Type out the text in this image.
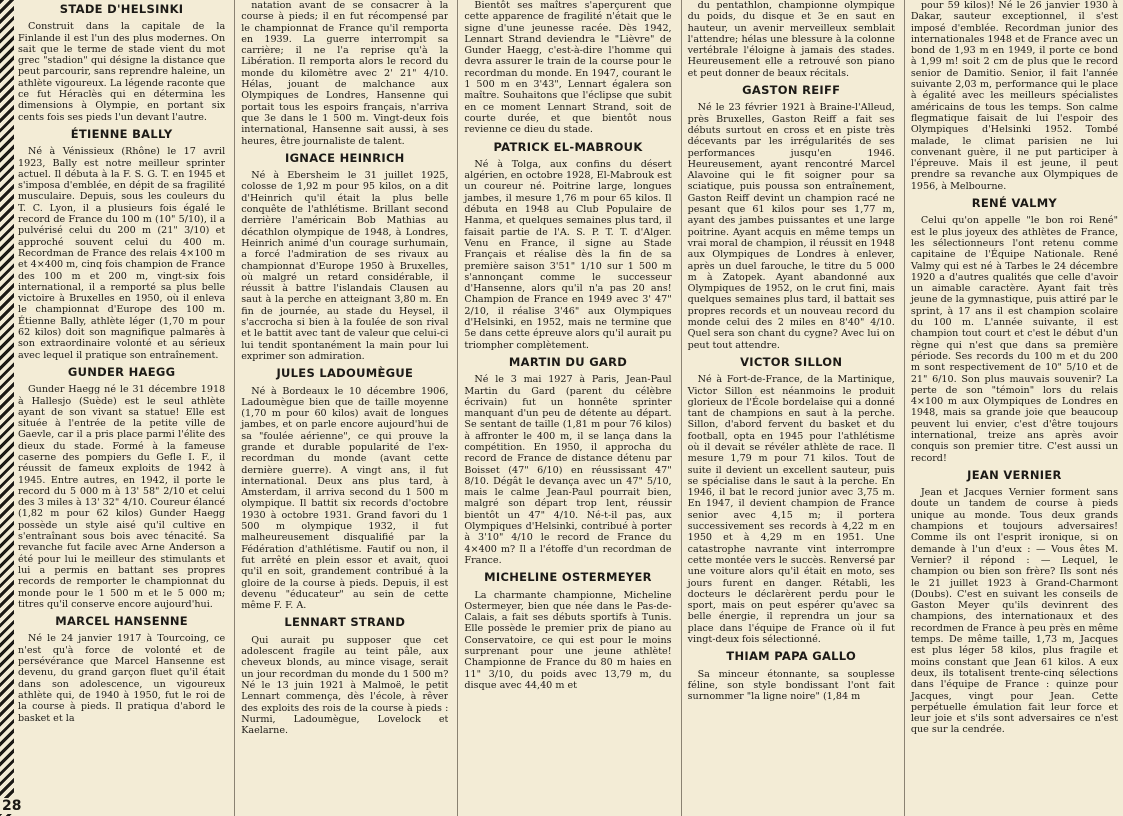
STADE D'HELSINKI

Construit dans la capitale de la Finlande il est l'un des plus modernes. On sait que le terme de stade vient du mot grec "stadion" qui désigne la distance que peut parcourir, sans reprendre haleine, un athlète vigoureux. La légende raconte que ce fut Héraclès qui en détermina les dimensions à Olympie, en portant six cents fois ses pieds l'un devant l'autre.

ÉTIENNE BALLY

Né à Vénissieux (Rhône) le 17 avril 1923, Bally est notre meilleur sprinter actuel. Il débuta à la F. S. G. T. en 1945 et s'imposa d'emblée, en dépit de sa fragilité musculaire. Depuis, sous les couleurs du T. C. Lyon, il a plusieurs fois égalé le record de France du 100 m (10" 5/10), il a pulvérisé celui du 200 m (21" 3/10) et approché souvent celui du 400 m. Recordman de France des relais 4×100 m et 4×400 m, cinq fois champion de France des 100 m et 200 m, vingt-six fois international, il a remporté sa plus belle victoire à Bruxelles en 1950, où il enleva le championnat d'Europe des 100 m. Étienne Bally, athlète léger (1,70 m pour 62 kilos) doit son magnifique palmarès à son extraordinaire volonté et au sérieux avec lequel il pratique son entraînement.

GUNDER HAEGG

Gunder Haegg né le 31 décembre 1918 à Hallesjo (Suède) est le seul athlète ayant de son vivant sa statue! Elle est située à l'entrée de la petite ville de Gaevle, car il a pris place parmi l'élite des dieux du stade. Formé à la fameuse caserne des pompiers du Gefle I. F., il réussit de fameux exploits de 1942 à 1945. Entre autres, en 1942, il porte le record du 5 000 m à 13' 58" 2/10 et celui des 3 miles à 13' 32" 4/10. Coureur élancé (1,82 m pour 62 kilos) Gunder Haegg possède un style aisé qu'il cultive en s'entraînant sous bois avec ténacité. Sa revanche fut facile avec Arne Anderson a été pour lui le meilleur des stimulants et lui a permis en battant ses propres records de remporter le championnat du monde pour le 1 500 m et le 5 000 m; titres qu'il conserve encore aujourd'hui.

MARCEL HANSENNE

Né le 24 janvier 1917 à Tourcoing, ce n'est qu'à force de volonté et de persévérance que Marcel Hansenne est devenu, du grand garçon fluet qu'il était dans son adolescence, un vigoureux athlète qui, de 1940 à 1950, fut le roi de la course à pieds. Il pratiqua d'abord le basket et la

natation avant de se consacrer à la course à pieds; il en fut récompensé par le championnat de France qu'il remporta en 1939. La guerre interrompit sa carrière; il ne l'a reprise qu'à la Libération. Il remporta alors le record du monde du kilomètre avec 2' 21" 4/10. Hélas, jouant de malchance aux Olympiques de Londres, Hansenne qui portait tous les espoirs français, n'arriva que 3e dans le 1 500 m. Vingt-deux fois international, Hansenne sait aussi, à ses heures, être journaliste de talent.

IGNACE HEINRICH

Né à Ebersheim le 31 juillet 1925, colosse de 1,92 m pour 95 kilos, on a dit d'Heinrich qu'il était la plus belle conquête de l'athlétisme. Brillant second derrière l'américain Bob Mathias au décathlon olympique de 1948, à Londres, Heinrich animé d'un courage surhumain, a forcé l'admiration de ses rivaux au championnat d'Europe 1950 à Bruxelles, où malgré un retard considérable, il réussit à battre l'islandais Clausen au saut à la perche en atteignant 3,80 m. En fin de journée, au stade du Heysel, il s'accrocha si bien à la foulée de son rival et le battit avec tant de valeur que celui-ci lui tendit spontanément la main pour lui exprimer son admiration.

JULES LADOUMÈGUE

Né à Bordeaux le 10 décembre 1906, Ladoumègue bien que de taille moyenne (1,70 m pour 60 kilos) avait de longues jambes, et on parle encore aujourd'hui de sa "foulée aérienne", ce qui prouve la grande et durable popularité de l'ex-recordman du monde (avant cette dernière guerre). A vingt ans, il fut international. Deux ans plus tard, à Amsterdam, il arriva second du 1 500 m olympique. Il battit six records d'octobre 1930 à octobre 1931. Grand favori du 1 500 m olympique 1932, il fut malheureusement disqualifié par la Fédération d'athlétisme. Fautif ou non, il fut arrêté en plein essor et avait, quoi qu'il en soit, grandement contribué à la gloire de la course à pieds. Depuis, il est devenu "éducateur" au sein de cette même F. F. A.

LENNART STRAND

Qui aurait pu supposer que cet adolescent fragile au teint pâle, aux cheveux blonds, au mince visage, serait un jour recordman du monde du 1 500 m? Né le 13 juin 1921 à Malmoë, le petit Lennart commença, dès l'école, à rêver des exploits des rois de la course à pieds : Nurmi, Ladoumègue, Lovelock et Kaelarne.

Bientôt ses maîtres s'aperçurent que cette apparence de fragilité n'était que le signe d'une jeunesse racée. Dès 1942, Lennart Strand deviendra le "Lièvre" de Gunder Haegg, c'est-à-dire l'homme qui devra assurer le train de la course pour le recordman du monde. En 1947, courant le 1 500 m en 3'43", Lennart égalera son maître. Souhaitons que l'éclipse que subit en ce moment Lennart Strand, soit de courte durée, et que bientôt nous revienne ce dieu du stade.

PATRICK EL-MABROUK

Né à Tolga, aux confins du désert algérien, en octobre 1928, El-Mabrouk est un coureur né. Poitrine large, longues jambes, il mesure 1,76 m pour 65 kilos. Il débuta en 1948 au Club Populaire de Hanma, et quelques semaines plus tard, il faisait partie de l'A. S. P. T. T. d'Alger. Venu en France, il signe au Stade Français et réalise dès la fin de sa première saison 3'51" 1/10 sur 1 500 m s'annonçant comme le successeur d'Hansenne, alors qu'il n'a pas 20 ans! Champion de France en 1949 avec 3' 47" 2/10, il réalise 3'46" aux Olympiques d'Helsinki, en 1952, mais ne termine que 5e dans cette épreuve alors qu'il aurait pu triompher complètement.

MARTIN DU GARD

Né le 3 mai 1927 à Paris, Jean-Paul Martin du Gard (parent du célèbre écrivain) fut un honnête sprinter manquant d'un peu de détente au départ. Se sentant de taille (1,81 m pour 76 kilos) à affronter le 400 m, il se lança dans la compétition. En 1950, il approcha du record de France de distance détenu par Boisset (47" 6/10) en réussissant 47" 8/10. Dégât le devança avec un 47" 5/10, mais le calme Jean-Paul pourrait bien, malgré son départ trop lent, réussir bientôt un 47" 4/10. Né-t-il pas, aux Olympiques d'Helsinki, contribué à porter à 3'10" 4/10 le record de France du 4×400 m? Il a l'étoffe d'un recordman de France.

MICHELINE OSTERMEYER

La charmante championne, Micheline Ostermeyer, bien que née dans le Pas-de-Calais, a fait ses débuts sportifs à Tunis. Elle possède le premier prix de piano au Conservatoire, ce qui est pour le moins surprenant pour une jeune athlète! Championne de France du 80 m haies en 11" 3/10, du poids avec 13,79 m, du disque avec 44,40 m et

du pentathlon, championne olympique du poids, du disque et 3e en saut en hauteur, un avenir merveilleux semblait l'attendre; hélas une blessure à la colonne vertébrale l'éloigne à jamais des stades. Heureusement elle a retrouvé son piano et peut donner de beaux récitals.

GASTON REIFF

Né le 23 février 1921 à Braine-l'Alleud, près Bruxelles, Gaston Reiff a fait ses débuts surtout en cross et en piste très décevants par les irrégularités de ses performances jusqu'en 1946. Heureusement, ayant rencontré Marcel Alavoine qui le fit soigner pour sa sciatique, puis poussa son entraînement, Gaston Reiff devint un champion racé ne pesant que 61 kilos pour ses 1,77 m, ayant des jambes puissantes et une large poitrine. Ayant acquis en même temps un vrai moral de champion, il réussit en 1948 aux Olympiques de Londres à enlever, après un duel farouche, le titre du 5 000 m à Zatopek. Ayant abandonné aux Olympiques de 1952, on le crut fini, mais quelques semaines plus tard, il battait ses propres records et un nouveau record du monde celui des 2 miles en 8'40" 4/10. Quel sera son chant du cygne? Avec lui on peut tout attendre.

VICTOR SILLON

Né à Fort-de-France, de la Martinique, Victor Sillon est néanmoins le produit glorieux de l'École bordelaise qui a donné tant de champions en saut à la perche. Sillon, d'abord fervent du basket et du football, opta en 1945 pour l'athlétisme où il devait se révéler athlète de race. Il mesure 1,79 m pour 71 kilos. Tout de suite il devient un excellent sauteur, puis se spécialise dans le saut à la perche. En 1946, il bat le record junior avec 3,75 m. En 1947, il devient champion de France senior avec 4,15 m; il portera successivement ses records à 4,22 m en 1950 et à 4,29 m en 1951. Une catastrophe navrante vint interrompre cette montée vers le succès. Renversé par une voiture alors qu'il était en moto, ses jours furent en danger. Rétabli, les docteurs le déclarèrent perdu pour le sport, mais on peut espérer qu'avec sa belle énergie, il reprendra un jour sa place dans l'équipe de France où il fut vingt-deux fois sélectionné.

THIAM PAPA GALLO

Sa minceur étonnante, sa souplesse féline, son style bondissant l'ont fait surnommer "la ligne noire" (1,84 m

pour 59 kilos)! Né le 26 janvier 1930 à Dakar, sauteur exceptionnel, il s'est imposé d'emblée. Recordman junior des internationales 1948 et de France avec un bond de 1,93 m en 1949, il porte ce bond à 1,99 m! soit 2 cm de plus que le record senior de Damitio. Senior, il fait l'année suivante 2,03 m, performance qui le place à égalité avec les meilleurs spécialistes américains de tous les temps. Son calme flegmatique faisait de lui l'espoir des Olympiques d'Helsinki 1952. Tombé malade, le climat parisien ne lui convenant guère, il ne put participer à l'épreuve. Mais il est jeune, il peut prendre sa revanche aux Olympiques de 1956, à Melbourne.

RENÉ VALMY

Celui qu'on appelle "le bon roi René" est le plus joyeux des athlètes de France, les sélectionneurs l'ont retenu comme capitaine de l'Équipe Nationale. René Valmy qui est né à Tarbes le 24 décembre 1920 a d'autres qualités que celle d'avoir un aimable caractère. Ayant fait très jeune de la gymnastique, puis attiré par le sprint, à 17 ans il est champion scolaire du 100 m. L'année suivante, il est champion tout court et c'est le début d'un règne qui n'est que dans sa première période. Ses records du 100 m et du 200 m sont respectivement de 10" 5/10 et de 21" 6/10. Son plus mauvais souvenir? La perte de son "témoin" lors du relais 4×100 m aux Olympiques de Londres en 1948, mais sa grande joie que beaucoup peuvent lui envier, c'est d'être toujours international, treize ans après avoir conquis son premier titre. C'est aussi un record!

JEAN VERNIER

Jean et Jacques Vernier forment sans doute un tandem de course à pieds unique au monde. Tous deux grands champions et toujours adversaires! Comme ils ont l'esprit ironique, si on demande à l'un d'eux : — Vous êtes M. Vernier? il répond : — Lequel, le champion ou bien son frère? Ils sont nés le 21 juillet 1923 à Grand-Charmont (Doubs). C'est en suivant les conseils de Gaston Meyer qu'ils devinrent des champions, des internationaux et des recordmen de France à peu près en même temps. De même taille, 1,73 m, Jacques est plus léger 58 kilos, plus fragile et moins constant que Jean 61 kilos. A eux deux, ils totalisent trente-cinq sélections dans l'équipe de France : quinze pour Jacques, vingt pour Jean. Cette perpétuelle émulation fait leur force et leur joie et s'ils sont adversaires ce n'est que sur la cendrée.

28
